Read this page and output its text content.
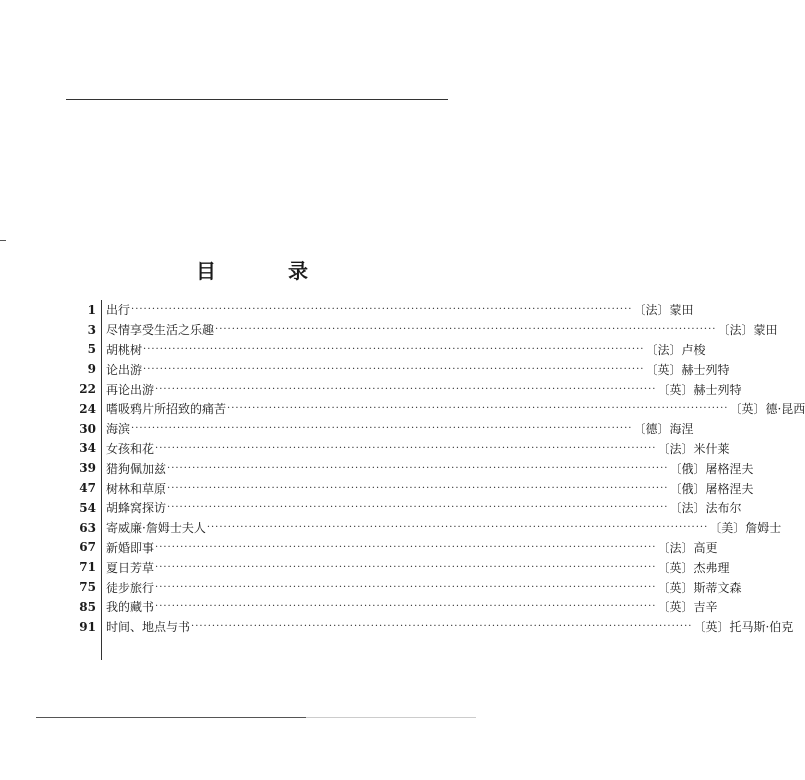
目　录
1 出行 ························································································································ 〔法〕蒙田
3 尽情享受生活之乐趣 ························································································································ 〔法〕蒙田
5 胡桃树 ························································································································ 〔法〕卢梭
9 论出游 ························································································································ 〔英〕赫士列特
22 再论出游 ························································································································ 〔英〕赫士列特
24 嗜吸鸦片所招致的痛苦 ························································································································ 〔英〕德·昆西
30 海滨 ························································································································ 〔德〕海涅
34 女孩和花 ························································································································ 〔法〕米什莱
39 猎狗佩加兹 ························································································································ 〔俄〕屠格涅夫
47 树林和草原 ························································································································ 〔俄〕屠格涅夫
54 胡蜂窝探访 ························································································································ 〔法〕法布尔
63 寄威廉·詹姆士夫人 ························································································································ 〔美〕詹姆士
67 新婚即事 ························································································································ 〔法〕高更
71 夏日芳草 ························································································································ 〔英〕杰弗理
75 徒步旅行 ························································································································ 〔英〕斯蒂文森
85 我的藏书 ························································································································ 〔英〕吉辛
91 时间、地点与书 ························································································································ 〔英〕托马斯·伯克
